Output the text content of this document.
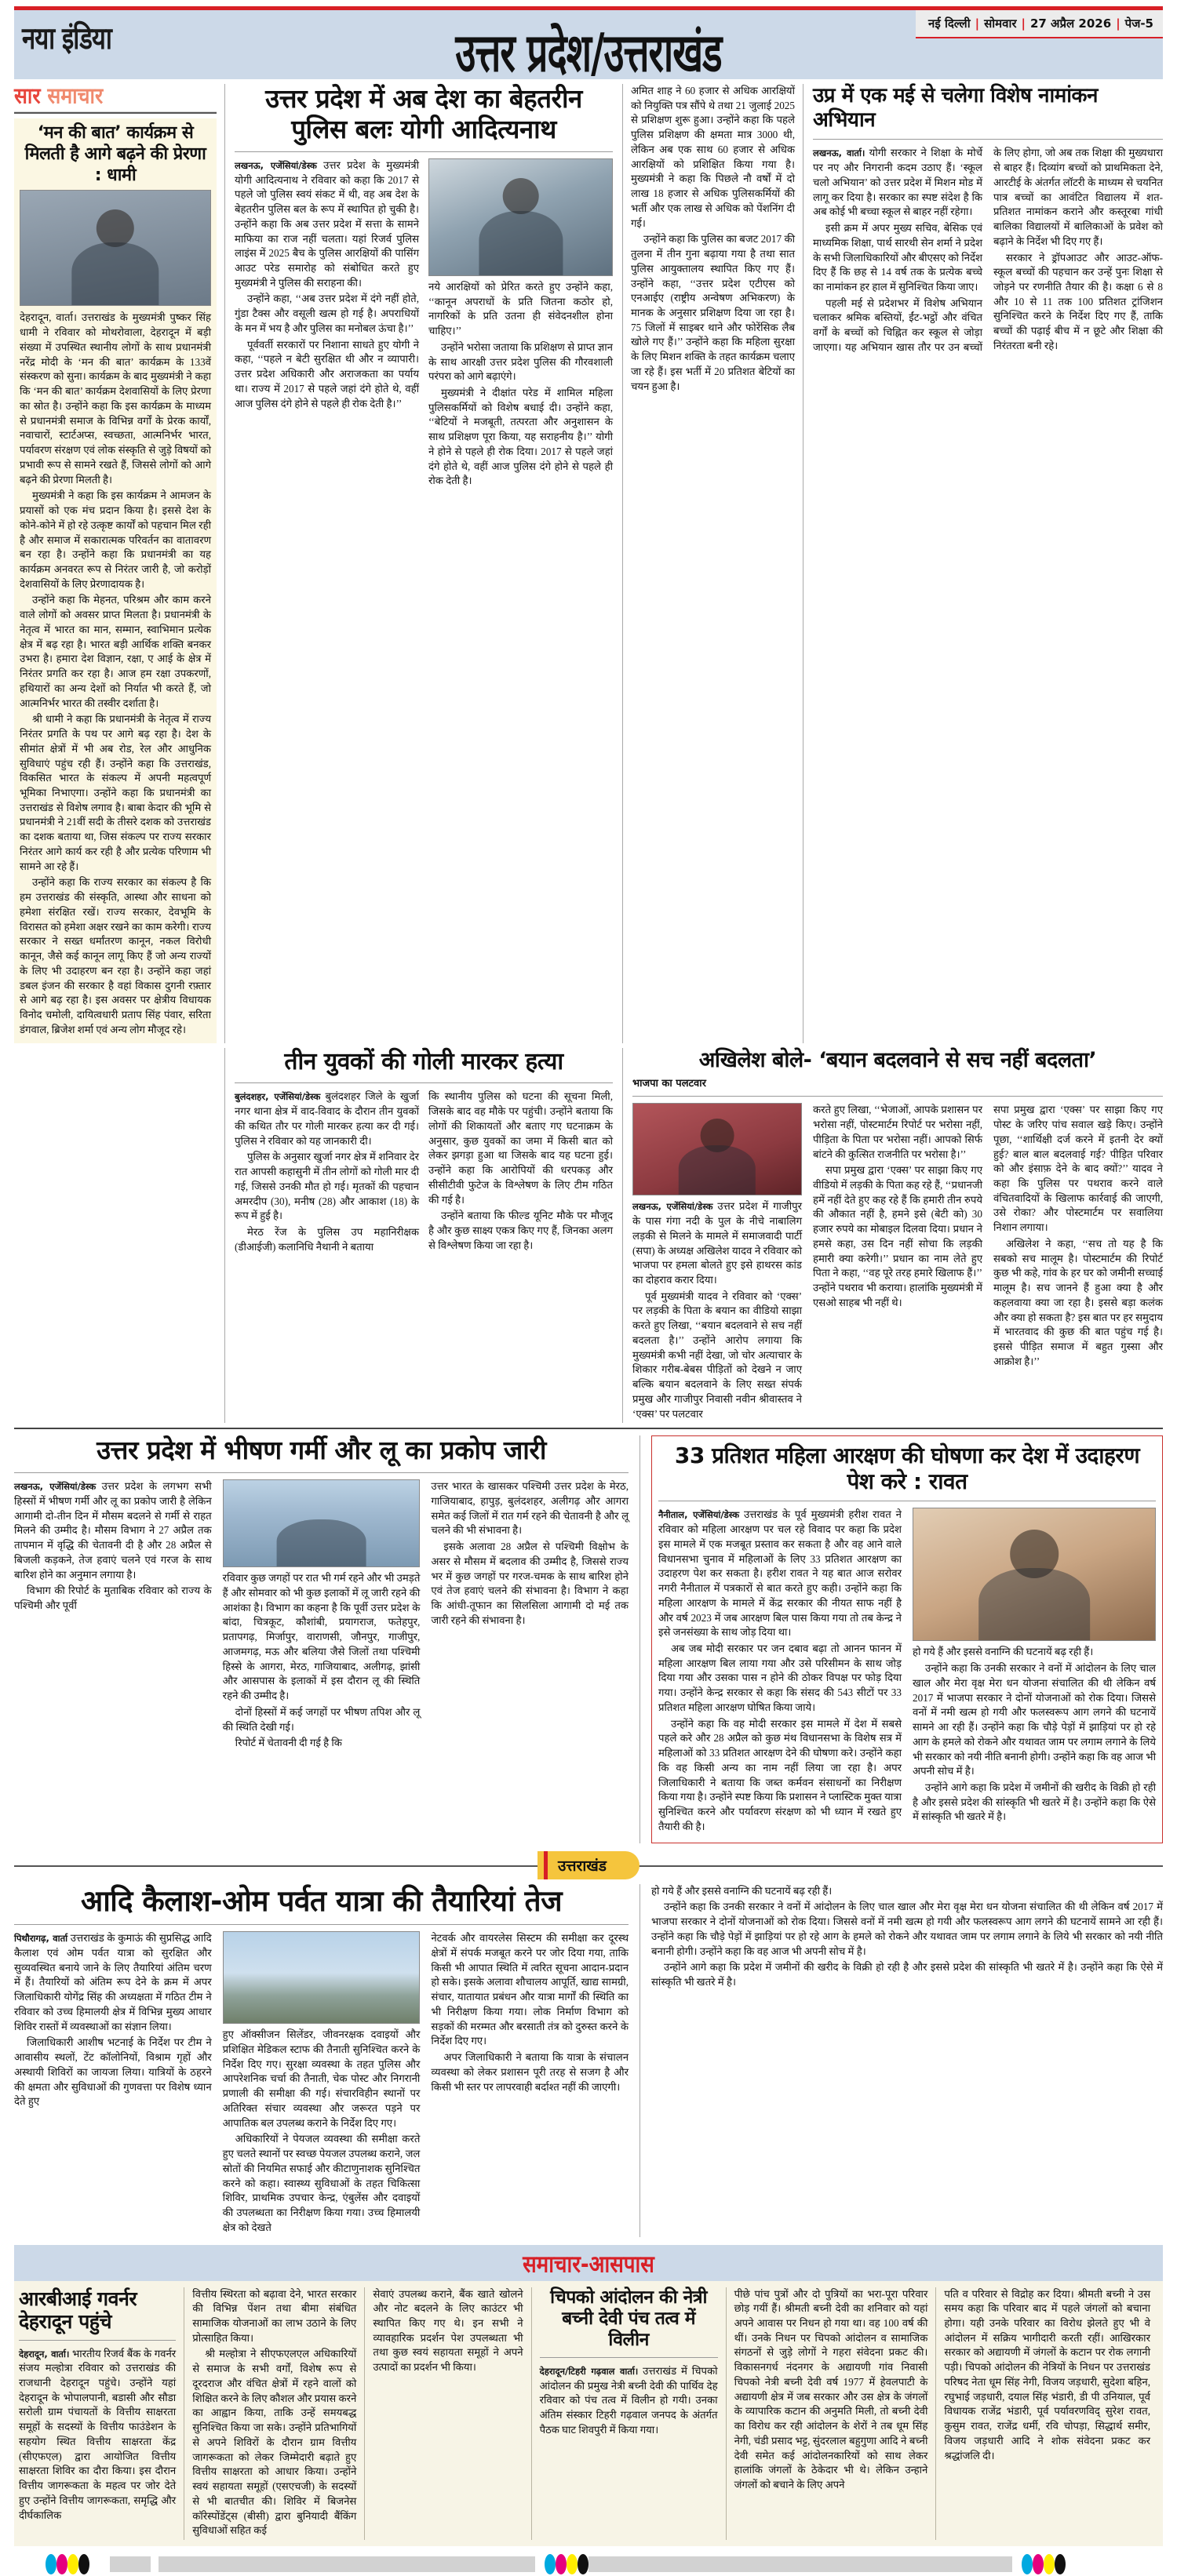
नया इंडिया	उत्तर प्रदेश/उत्तराखंड	नई दिल्ली | सोमवार | 27 अप्रैल 2026 | पेज-5
सार समाचार
‘मन की बात’ कार्यक्रम से मिलती है आगे बढ़ने की प्रेरणा : धामी

देहरादून, वार्ता। उत्तराखंड के मुख्यमंत्री पुष्कर सिंह धामी ने रविवार को मोथरोवाला, देहरादून में बड़ी संख्या में उपस्थित स्थानीय लोगों के साथ प्रधानमंत्री नरेंद्र मोदी के ‘मन की बात’ कार्यक्रम के 133वें संस्करण को सुना। कार्यक्रम के बाद मुख्यमंत्री ने कहा कि ‘मन की बात’ कार्यक्रम देशवासियों के लिए प्रेरणा का स्रोत है। उन्होंने कहा कि इस कार्यक्रम के माध्यम से प्रधानमंत्री समाज के विभिन्न वर्गों के प्रेरक कार्यों, नवाचारों, स्टार्टअप्स, स्वच्छता, आत्मनिर्भर भारत, पर्यावरण संरक्षण एवं लोक संस्कृति से जुड़े विषयों को प्रभावी रूप से सामने रखते हैं, जिससे लोगों को आगे बढ़ने की प्रेरणा मिलती है।

मुख्यमंत्री ने कहा कि इस कार्यक्रम ने आमजन के प्रयासों को एक मंच प्रदान किया है। इससे देश के कोने-कोने में हो रहे उत्कृष्ट कार्यों को पहचान मिल रही है और समाज में सकारात्मक परिवर्तन का वातावरण बन रहा है। उन्होंने कहा कि प्रधानमंत्री का यह कार्यक्रम अनवरत रूप से निरंतर जारी है, जो करोड़ों देशवासियों के लिए प्रेरणादायक है।

उन्होंने कहा कि मेहनत, परिश्रम और काम करने वाले लोगों को अवसर प्राप्त मिलता है। प्रधानमंत्री के नेतृत्व में भारत का मान, सम्मान, स्वाभिमान प्रत्येक क्षेत्र में बढ़ रहा है। भारत बड़ी आर्थिक शक्ति बनकर उभरा है। हमारा देश विज्ञान, रक्षा, ए आई के क्षेत्र में निरंतर प्रगति कर रहा है। आज हम रक्षा उपकरणों, हथियारों का अन्य देशों को निर्यात भी करते हैं, जो आत्मनिर्भर भारत की तस्वीर दर्शाता है।

श्री धामी ने कहा कि प्रधानमंत्री के नेतृत्व में राज्य निरंतर प्रगति के पथ पर आगे बढ़ रहा है। देश के सीमांत क्षेत्रों में भी अब रोड, रेल और आधुनिक सुविधाएं पहुंच रही हैं। उन्होंने कहा कि उत्तराखंड, विकसित भारत के संकल्प में अपनी महत्वपूर्ण भूमिका निभाएगा। उन्होंने कहा कि प्रधानमंत्री का उत्तराखंड से विशेष लगाव है। बाबा केदार की भूमि से प्रधानमंत्री ने 21वीं सदी के तीसरे दशक को उत्तराखंड का दशक बताया था, जिस संकल्प पर राज्य सरकार निरंतर आगे कार्य कर रही है और प्रत्येक परिणाम भी सामने आ रहे हैं।

उन्होंने कहा कि राज्य सरकार का संकल्प है कि हम उत्तराखंड की संस्कृति, आस्था और साधना को हमेशा संरक्षित रखें। राज्य सरकार, देवभूमि के विरासत को हमेशा अक्षर रखने का काम करेगी। राज्य सरकार ने सख्त धर्मांतरण कानून, नकल विरोधी कानून, जैसे कई कानून लागू किए हैं जो अन्य राज्यों के लिए भी उदाहरण बन रहा है। उन्होंने कहा जहां डबल इंजन की सरकार है वहां विकास दुगनी रफ़्तार से आगे बढ़ रहा है। इस अवसर पर क्षेत्रीय विधायक विनोद चमोली, दायित्वधारी प्रताप सिंह पंवार, सरिता डंगवाल, ब्रिजेश शर्मा एवं अन्य लोग मौजूद रहे।

उत्तर प्रदेश में अब देश का बेहतरीन पुलिस बलः योगी आदित्यनाथ

लखनऊ, एजेंसियां/डेस्क उत्तर प्रदेश के मुख्यमंत्री योगी आदित्यनाथ ने रविवार को कहा कि 2017 से पहले जो पुलिस स्वयं संकट में थी, वह अब देश के बेहतरीन पुलिस बल के रूप में स्थापित हो चुकी है। उन्होंने कहा कि अब उत्तर प्रदेश में सत्ता के सामने माफिया का राज नहीं चलता। यहां रिजर्व पुलिस लाइंस में 2025 बैच के पुलिस आरक्षियों की पासिंग आउट परेड समारोह को संबोधित करते हुए मुख्यमंत्री ने पुलिस की सराहना की।

उन्होंने कहा, ‘‘अब उत्तर प्रदेश में दंगे नहीं होते, गुंडा टैक्स और वसूली खत्म हो गई है। अपराधियों के मन में भय है और पुलिस का मनोबल ऊंचा है।’’

पूर्ववर्ती सरकारों पर निशाना साधते हुए योगी ने कहा, ‘‘पहले न बेटी सुरक्षित थी और न व्यापारी। उत्तर प्रदेश अधिकारी और अराजकता का पर्याय था। राज्य में 2017 से पहले जहां दंगे होते थे, वहीं आज पुलिस दंगे होने से पहले ही रोक देती है।’’

नये आरक्षियों को प्रेरित करते हुए उन्होंने कहा, ‘‘कानून अपराधों के प्रति जितना कठोर हो, नागरिकों के प्रति उतना ही संवेदनशील होना चाहिए।’’

उन्होंने भरोसा जताया कि प्रशिक्षण से प्राप्त ज्ञान के साथ आरक्षी उत्तर प्रदेश पुलिस की गौरवशाली परंपरा को आगे बढ़ाएंगे।

मुख्यमंत्री ने दीक्षांत परेड में शामिल महिला पुलिसकर्मियों को विशेष बधाई दी। उन्होंने कहा, ‘‘बेटियों ने मजबूती, तत्परता और अनुशासन के साथ प्रशिक्षण पूरा किया, यह सराहनीय है।’’ योगी ने होने से पहले ही रोक दिया। 2017 से पहले जहां दंगे होते थे, वहीं आज पुलिस दंगे होने से पहले ही रोक देती है।

अमित शाह ने 60 हजार से अधिक आरक्षियों को नियुक्ति पत्र सौंपे थे तथा 21 जुलाई 2025 से प्रशिक्षण शुरू हुआ। उन्होंने कहा कि पहले पुलिस प्रशिक्षण की क्षमता मात्र 3000 थी, लेकिन अब एक साथ 60 हजार से अधिक आरक्षियों को प्रशिक्षित किया गया है। मुख्यमंत्री ने कहा कि पिछले नौ वर्षों में दो लाख 18 हजार से अधिक पुलिसकर्मियों की भर्ती और एक लाख से अधिक को पेंशनिंग दी गई।

उन्होंने कहा कि पुलिस का बजट 2017 की तुलना में तीन गुना बढ़ाया गया है तथा सात पुलिस आयुक्तालय स्थापित किए गए हैं। उन्होंने कहा, ‘‘उत्तर प्रदेश एटीएस को एनआईए (राष्ट्रीय अन्वेषण अभिकरण) के मानक के अनुसार प्रशिक्षण दिया जा रहा है। 75 जिलों में साइबर थाने और फोरेंसिक लैब खोले गए हैं।’’ उन्होंने कहा कि महिला सुरक्षा के लिए मिशन शक्ति के तहत कार्यक्रम चलाए जा रहे हैं। इस भर्ती में 20 प्रतिशत बेटियों का चयन हुआ है।

उप्र में एक मई से चलेगा विशेष नामांकन अभियान

लखनऊ, वार्ता। योगी सरकार ने शिक्षा के मोर्चे पर नए और निगरानी कदम उठाए हैं। ‘स्कूल चलो अभियान’ को उत्तर प्रदेश में मिशन मोड में लागू कर दिया है। सरकार का स्पष्ट संदेश है कि अब कोई भी बच्चा स्कूल से बाहर नहीं रहेगा।

इसी क्रम में अपर मुख्य सचिव, बेसिक एवं माध्यमिक शिक्षा, पार्थ सारथी सेन शर्मा ने प्रदेश के सभी जिलाधिकारियों और बीएसए को निर्देश दिए हैं कि छह से 14 वर्ष तक के प्रत्येक बच्चे का नामांकन हर हाल में सुनिश्चित किया जाए।

पहली मई से प्रदेशभर में विशेष अभियान चलाकर श्रमिक बस्तियों, ईंट-भट्ठों और वंचित वर्गों के बच्चों को चिह्नित कर स्कूल से जोड़ा जाएगा। यह अभियान खास तौर पर उन बच्चों के लिए होगा, जो अब तक शिक्षा की मुख्यधारा से बाहर हैं। दिव्यांग बच्चों को प्राथमिकता देने, आरटीई के अंतर्गत लॉटरी के माध्यम से चयनित पात्र बच्चों का आवंटित विद्यालय में शत-प्रतिशत नामांकन कराने और कस्तूरबा गांधी बालिका विद्यालयों में बालिकाओं के प्रवेश को बढ़ाने के निर्देश भी दिए गए हैं।

सरकार ने ड्रॉपआउट और आउट-ऑफ-स्कूल बच्चों की पहचान कर उन्हें पुनः शिक्षा से जोड़ने पर रणनीति तैयार की है। कक्षा 6 से 8 और 10 से 11 तक 100 प्रतिशत ट्रांजिशन सुनिश्चित करने के निर्देश दिए गए हैं, ताकि बच्चों की पढ़ाई बीच में न छूटे और शिक्षा की निरंतरता बनी रहे।

तीन युवकों की गोली मारकर हत्या

बुलंदशहर, एजेंसियां/डेस्क बुलंदशहर जिले के खुर्जा नगर थाना क्षेत्र में वाद-विवाद के दौरान तीन युवकों की कथित तौर पर गोली मारकर हत्या कर दी गई। पुलिस ने रविवार को यह जानकारी दी।

पुलिस के अनुसार खुर्जा नगर क्षेत्र में शनिवार देर रात आपसी कहासुनी में तीन लोगों को गोली मार दी गई, जिससे उनकी मौत हो गई। मृतकों की पहचान अमरदीप (30), मनीष (28) और आकाश (18) के रूप में हुई है।

मेरठ रेंज के पुलिस उप महानिरीक्षक (डीआईजी) कलानिधि नैथानी ने बताया

कि स्थानीय पुलिस को घटना की सूचना मिली, जिसके बाद वह मौके पर पहुंची। उन्होंने बताया कि लोगों की शिकायतों और बताए गए घटनाक्रम के अनुसार, कुछ युवकों का जमा में किसी बात को लेकर झगड़ा हुआ था जिसके बाद यह घटना हुई। उन्होंने कहा कि आरोपियों की धरपकड़ और सीसीटीवी फुटेज के विश्लेषण के लिए टीम गठित की गई है।

उन्होंने बताया कि फील्ड यूनिट मौके पर मौजूद है और कुछ साक्ष्य एकत्र किए गए हैं, जिनका अलग से विश्लेषण किया जा रहा है।

अखिलेश बोले- ‘बयान बदलवाने से सच नहीं बदलता’
भाजपा का पलटवार

लखनऊ, एजेंसियां/डेस्क उत्तर प्रदेश में गाजीपुर के पास गंगा नदी के पुल के नीचे नाबालिग लड़की से मिलने के मामले में समाजवादी पार्टी (सपा) के अध्यक्ष अखिलेश यादव ने रविवार को भाजपा पर हमला बोलते हुए इसे हाथरस कांड का दोहराव करार दिया।

पूर्व मुख्यमंत्री यादव ने रविवार को ‘एक्स’ पर लड़की के पिता के बयान का वीडियो साझा करते हुए लिखा, ‘‘बयान बदलवाने से सच नहीं बदलता है।’’ उन्होंने आरोप लगाया कि मुख्यमंत्री कभी नहीं देखा, जो चोर अत्याचार के शिकार गरीब-बेबस पीड़ितों को देखने न जाए बल्कि बयान बदलवाने के लिए सख्त संपर्क प्रमुख और गाजीपुर निवासी नवीन श्रीवास्तव ने ‘एक्स’ पर पलटवार

करते हुए लिखा, ‘‘भेजाओं, आपके प्रशासन पर भरोसा नहीं, पोस्टमार्टम रिपोर्ट पर भरोसा नहीं, पीड़िता के पिता पर भरोसा नहीं। आपको सिर्फ बांटने की कुत्सित राजनीति पर भरोसा है।’’

सपा प्रमुख द्वारा ‘एक्स’ पर साझा किए गए वीडियो में लड़की के पिता कह रहे हैं, ‘‘प्रधानजी हमें नहीं देते हुए कह रहे हैं कि हमारी तीन रुपये की औकात नहीं है, हमने इसे (बेटी को) 30 हजार रुपये का मोबाइल दिलवा दिया। प्रधान ने हमसे कहा, उस दिन नहीं सोचा कि लड़की हमारी क्या करेगी।’’ प्रधान का नाम लेते हुए पिता ने कहा, ‘‘वह पूरे तरह हमारे खिलाफ हैं।’’ उन्होंने पथराव भी कराया। हालांकि मुख्यमंत्री में एसओ साहब भी नहीं थे।

सपा प्रमुख द्वारा ‘एक्स’ पर साझा किए गए पोस्ट के जरिए पांच सवाल खड़े किए। उन्होंने पूछा, ‘‘शार्थिक्षी दर्ज करने में इतनी देर क्यों हुई? बाल बाल बदलवाई गई? पीड़ित परिवार को और इंसाफ़ देने के बाद क्यों?’’ यादव ने कहा कि पुलिस पर पथराव करने वाले वंचितवादियों के खिलाफ कार्रवाई की जाएगी, उसे रोका? और पोस्टमार्टम पर सवालिया निशान लगाया।

अखिलेश ने कहा, ‘‘सच तो यह है कि सबको सच मालूम है। पोस्टमार्टम की रिपोर्ट कुछ भी कहे, गांव के हर घर को जमीनी सच्चाई मालूम है। सच जानने हैं हुआ क्या है और कहलवाया क्या जा रहा है। इससे बड़ा कलंक और क्या हो सकता है? इस बात पर हर समुदाय में भारतवाद की कुछ की बात पहुंच गई है। इससे पीड़ित समाज में बहुत गुस्सा और आक्रोश है।’’

उत्तर प्रदेश में भीषण गर्मी और लू का प्रकोप जारी

लखनऊ, एजेंसियां/डेस्क उत्तर प्रदेश के लगभग सभी हिस्सों में भीषण गर्मी और लू का प्रकोप जारी है लेकिन आगामी दो-तीन दिन में मौसम बदलने से गर्मी से राहत मिलने की उम्मीद है। मौसम विभाग ने 27 अप्रैल तक तापमान में वृद्धि की चेतावनी दी है और 28 अप्रैल से बिजली कड़कने, तेज हवाएं चलने एवं गरज के साथ बारिश होने का अनुमान लगाया है।

विभाग की रिपोर्ट के मुताबिक रविवार को राज्य के पश्चिमी और पूर्वी

रविवार कुछ जगहों पर रात भी गर्म रहने और भी उमड़ते हैं और सोमवार को भी कुछ इलाकों में लू जारी रहने की आशंका है। विभाग का कहना है कि पूर्वी उत्तर प्रदेश के बांदा, चित्रकूट, कौशांबी, प्रयागराज, फतेहपुर, प्रतापगढ़, मिर्जापुर, वाराणसी, जौनपुर, गाजीपुर, आजमगढ़, मऊ और बलिया जैसे जिलों तथा पश्चिमी हिस्से के आगरा, मेरठ, गाजियाबाद, अलीगढ़, झांसी और आसपास के इलाकों में इस दौरान लू की स्थिति रहने की उम्मीद है।

दोनों हिस्सों में कई जगहों पर भीषण तपिश और लू की स्थिति देखी गई।

रिपोर्ट में चेतावनी दी गई है कि

उत्तर भारत के खासकर पश्चिमी उत्तर प्रदेश के मेरठ, गाजियाबाद, हापुड़, बुलंदशहर, अलीगढ़ और आगरा समेत कई जिलों में रात गर्म रहने की चेतावनी है और लू चलने की भी संभावना है।

इसके अलावा 28 अप्रैल से पश्चिमी विक्षोभ के असर से मौसम में बदलाव की उम्मीद है, जिससे राज्य भर में कुछ जगहों पर गरज-चमक के साथ बारिश होने एवं तेज हवाएं चलने की संभावना है। विभाग ने कहा कि आंधी-तूफान का सिलसिला आगामी दो मई तक जारी रहने की संभावना है।

33 प्रतिशत महिला आरक्षण की घोषणा कर देश में उदाहरण पेश करे : रावत

नैनीताल, एजेंसियां/डेस्क उत्तराखंड के पूर्व मुख्यमंत्री हरीश रावत ने रविवार को महिला आरक्षण पर चल रहे विवाद पर कहा कि प्रदेश इस मामले में एक मजबूत प्रस्ताव कर सकता है और वह आने वाले विधानसभा चुनाव में महिलाओं के लिए 33 प्रतिशत आरक्षण का उदाहरण पेश कर सकता है। हरीश रावत ने यह बात आज सरोवर नगरी नैनीताल में पत्रकारों से बात करते हुए कही। उन्होंने कहा कि महिला आरक्षण के मामले में केंद्र सरकार की नीयत साफ नहीं है और वर्ष 2023 में जब आरक्षण बिल पास किया गया तो तब केन्द्र ने इसे जनसंख्या के साथ जोड़ दिया था।

अब जब मोदी सरकार पर जन दबाव बढ़ा तो आनन फानन में महिला आरक्षण बिल लाया गया और उसे परिसीमन के साथ जोड़ दिया गया और उसका पास न होने की ठोकर विपक्ष पर फोड़ दिया गया। उन्होंने केन्द्र सरकार से कहा कि संसद की 543 सीटों पर 33 प्रतिशत महिला आरक्षण घोषित किया जाये।

उन्होंने कहा कि वह मोदी सरकार इस मामले में देश में सबसे पहले करे और 28 अप्रैल को कुछ मंथ विधानसभा के विशेष सत्र में महिलाओं को 33 प्रतिशत आरक्षण देने की घोषणा करे। उन्होंने कहा कि वह किसी अन्य का नाम नहीं लिया जा रहा है। अपर जिलाधिकारी ने बताया कि जब्त कर्मवन संसाधनों का निरीक्षण किया गया है। उन्होंने स्पष्ट किया कि प्रशासन ने प्लास्टिक मुक्त यात्रा सुनिश्चित करने और पर्यावरण संरक्षण को भी ध्यान में रखते हुए तैयारी की है।

हो गये हैं और इससे वनाग्नि की घटनायें बढ़ रही हैं।

उन्होंने कहा कि उनकी सरकार ने वनों में आंदोलन के लिए चाल खाल और मेरा वृक्ष मेरा धन योजना संचालित की थी लेकिन वर्ष 2017 में भाजपा सरकार ने दोनों योजनाओं को रोक दिया। जिससे वनों में नमी खत्म हो गयी और फलस्वरूप आग लगने की घटनायें सामने आ रही हैं। उन्होंने कहा कि चौड़े पेड़ों में झाड़ियां पर हो रहे आग के हमले को रोकने और यथावत जाम पर लगाम लगाने के लिये भी सरकार को नयी नीति बनानी होगी। उन्होंने कहा कि वह आज भी अपनी सोच में है।

उन्होंने आगे कहा कि प्रदेश में जमीनों की खरीद के विक्री हो रही है और इससे प्रदेश की सांस्कृति भी खतरे में है। उन्होंने कहा कि ऐसे में सांस्कृति भी खतरे में है।

उत्तराखंड
आदि कैलाश-ओम पर्वत यात्रा की तैयारियां तेज

पिथौरागढ़, वार्ता उत्तराखंड के कुमाऊं की सुप्रसिद्ध आदि कैलाश एवं ओम पर्वत यात्रा को सुरक्षित और सुव्यवस्थित बनाये जाने के लिए तैयारियां अंतिम चरण में हैं। तैयारियों को अंतिम रूप देने के क्रम में अपर जिलाधिकारी योगेंद्र सिंह की अध्यक्षता में गठित टीम ने रविवार को उच्च हिमालयी क्षेत्र में विभिन्न मुख्य आधार शिविर रास्तों में व्यवस्थाओं का संज्ञान लिया।

जिलाधिकारी आशीष भटनाई के निर्देश पर टीम ने आवासीय स्थलों, टेंट कॉलोनियों, विश्राम गृहों और अस्थायी शिविरों का जायजा लिया। यात्रियों के ठहरने की क्षमता और सुविधाओं की गुणवत्ता पर विशेष ध्यान देते हुए

हुए ऑक्सीजन सिलेंडर, जीवनरक्षक दवाइयों और प्रशिक्षित मेडिकल स्टाफ की तैनाती सुनिश्चित करने के निर्देश दिए गए। सुरक्षा व्यवस्था के तहत पुलिस और आपरेशनिक चर्चा की तैनाती, चेक पोस्ट और निगरानी प्रणाली की समीक्षा की गई। संचारविहीन स्थानों पर अतिरिक्त संचार व्यवस्था और जरूरत पड़ने पर आपातिक बल उपलब्ध कराने के निर्देश दिए गए।

अधिकारियों ने पेयजल व्यवस्था की समीक्षा करते हुए चलते स्थानों पर स्वच्छ पेयजल उपलब्ध कराने, जल स्रोतों की नियमित सफाई और कीटाणुनाशक सुनिश्चित करने को कहा। स्वास्थ्य सुविधाओं के तहत चिकित्सा शिविर, प्राथमिक उपचार केन्द्र, एंबुलेंस और दवाइयों की उपलब्धता का निरीक्षण किया गया। उच्च हिमालयी क्षेत्र को देखते

नेटवर्क और वायरलेस सिस्टम की समीक्षा कर दूरस्थ क्षेत्रों में संपर्क मजबूत करने पर जोर दिया गया, ताकि किसी भी आपात स्थिति में त्वरित सूचना आदान-प्रदान हो सके। इसके अलावा शौचालय आपूर्ति, खाद्य सामग्री, संचार, यातायात प्रबंधन और यात्रा मार्गों की स्थिति का भी निरीक्षण किया गया। लोक निर्माण विभाग को सड़कों की मरम्मत और बरसाती तंत्र को दुरुस्त करने के निर्देश दिए गए।

अपर जिलाधिकारी ने बताया कि यात्रा के संचालन व्यवस्था को लेकर प्रशासन पूरी तरह से सजग है और किसी भी स्तर पर लापरवाही बर्दाश्त नहीं की जाएगी।

हो गये हैं और इससे वनाग्नि की घटनायें बढ़ रही हैं।

उन्होंने कहा कि उनकी सरकार ने वनों में आंदोलन के लिए चाल खाल और मेरा वृक्ष मेरा धन योजना संचालित की थी लेकिन वर्ष 2017 में भाजपा सरकार ने दोनों योजनाओं को रोक दिया। जिससे वनों में नमी खत्म हो गयी और फलस्वरूप आग लगने की घटनायें सामने आ रही हैं। उन्होंने कहा कि चौड़े पेड़ों में झाड़ियां पर हो रहे आग के हमले को रोकने और यथावत जाम पर लगाम लगाने के लिये भी सरकार को नयी नीति बनानी होगी। उन्होंने कहा कि वह आज भी अपनी सोच में है।

उन्होंने आगे कहा कि प्रदेश में जमीनों की खरीद के विक्री हो रही है और इससे प्रदेश की सांस्कृति भी खतरे में है। उन्होंने कहा कि ऐसे में सांस्कृति भी खतरे में है।

समाचार-आसपास
आरबीआई गवर्नर देहरादून पहुंचे

देहरादून, वार्ता। भारतीय रिजर्व बैंक के गवर्नर संजय मल्होत्रा रविवार को उत्तराखंड की राजधानी देहरादून पहुंचे। उन्होंने यहां देहरादून के भोपालपानी, बडासी और सौडा सरोली ग्राम पंचायतों के वित्तीय साक्षरता समूहों के सदस्यों के वित्तीय फाउंडेशन के सहयोग स्थित वित्तीय साक्षरता केंद्र (सीएफएल) द्वारा आयोजित वित्तीय साक्षरता शिविर का दौरा किया। इस दौरान वित्तीय जागरूकता के महत्व पर जोर देते हुए उन्होंने वित्तीय जागरूकता, समृद्धि और दीर्घकालिक

वित्तीय स्थिरता को बढ़ावा देने, भारत सरकार की विभिन्न पेंशन तथा बीमा संबंधित सामाजिक योजनाओं का लाभ उठाने के लिए प्रोत्साहित किया।

श्री मल्होत्रा ने सीएफएलएल अधिकारियों से समाज के सभी वर्गों, विशेष रूप से दूरदराज और वंचित क्षेत्रों में रहने वालों को शिक्षित करने के लिए कौशल और प्रयास करने का आह्वान किया, ताकि उन्हें समयबद्ध सुनिश्चित किया जा सके। उन्होंने प्रतिभागियों से अपने शिविरों के दौरान ग्राम वित्तीय जागरूकता को लेकर जिम्मेदारी बढ़ाते हुए वित्तीय साक्षरता को आधार किया। उन्होंने स्वयं सहायता समूहों (एसएचजी) के सदस्यों से भी बातचीत की। शिविर में बिजनेस कॉरेस्पोंडेंट्स (बीसी) द्वारा बुनियादी बैंकिंग सुविधाओं सहित कई

सेवाएं उपलब्ध कराने, बैंक खाते खोलने और नोट बदलने के लिए काउंटर भी स्थापित किए गए थे। इन सभी ने व्यावहारिक प्रदर्शन पेश उपलब्धता भी तथा कुछ स्वयं सहायता समूहों ने अपने उत्पादों का प्रदर्शन भी किया।

चिपको आंदोलन की नेत्री बच्नी देवी पंच तत्व में विलीन

देहरादून/टिहरी गढ़वाल वार्ता। उत्तराखंड में चिपको आंदोलन की प्रमुख नेत्री बच्नी देवी की पार्थिव देह रविवार को पंच तत्व में विलीन हो गयी। उनका अंतिम संस्कार टिहरी गढ़वाल जनपद के अंतर्गत पैठक घाट शिवपुरी में किया गया।

पीछे पांच पुत्रों और दो पुत्रियों का भरा-पूरा परिवार छोड़ गयीं हैं। श्रीमती बच्नी देवी का शनिवार को यहां अपने आवास पर निधन हो गया था। वह 100 वर्ष की थीं। उनके निधन पर चिपको आंदोलन व सामाजिक संगठनों से जुड़े लोगों ने गहरा संवेदना प्रकट की। विकासनगर्ध नंदनगर के अद्यायणी गांव निवासी चिपको नेत्री बच्नी देवी वर्ष 1977 में हेवलपाटी के अद्यायणी क्षेत्र में जब सरकार और उस क्षेत्र के जंगलों के व्यापारिक कटान की अनुमति मिली, तो बच्नी देवी का विरोध कर रही आंदोलन के शेरों ने तब धूम सिंह नेगी, चंडी प्रसाद भट्ट, सुंदरलाल बहुगुणा आदि ने बच्नी देवी समेत कई आंदोलनकारियों को साथ लेकर हालांकि जंगलों के ठेकेदार भी थे। लेकिन उन्हाने जंगलों को बचाने के लिए अपने

पति व परिवार से विद्रोह कर दिया। श्रीमती बच्नी ने उस समय कहा कि परिवार बाद में पहले जंगलों को बचाना होगा। यही उनके परिवार का विरोध झेलते हुए भी वे आंदोलन में सक्रिय भागीदारी करती रहीं। आखिरकार सरकार को अद्यायणी में जंगलों के कटान पर रोक लगानी पड़ी। चिपको आंदोलन की नेत्रियों के निधन पर उत्तराखंड परिषद नेता धूम सिंह नेगी, विजय जड़धारी, सुदेशा बहिन, रघुभाई जड़धारी, दयाल सिंह भंडारी, डी पी उनियाल, पूर्व विधायक राजेंद्र भंडारी, पूर्व पर्यावरणविद् सुरेश रावत, कुसुम रावत, राजेंद्र धर्मी, रवि चोपड़ा, सिद्धार्थ समीर, विजय जड़धारी आदि ने शोक संवेदना प्रकट कर श्रद्धांजलि दी।
